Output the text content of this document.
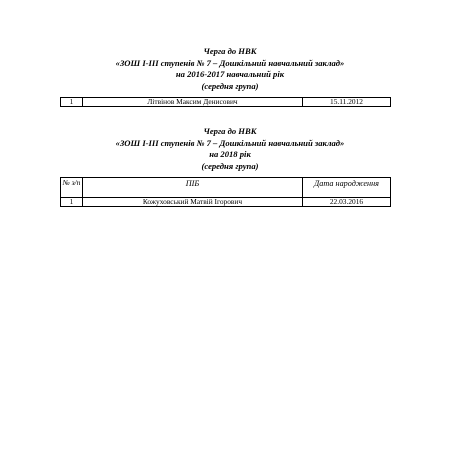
Черга до НВК
«ЗОШ І-ІІІ ступенів № 7 – Дошкільний навчальний заклад»
на 2016-2017 навчальний рік
(середня група)
1	Літвінов Максим Денисович	15.11.2012
Черга до НВК
«ЗОШ І-ІІІ ступенів № 7 – Дошкільний навчальний заклад»
на 2018 рік
(середня група)
№ з/п	ПІБ	Дата народження
1	Кожуховський Матвій Ігорович	22.03.2016
